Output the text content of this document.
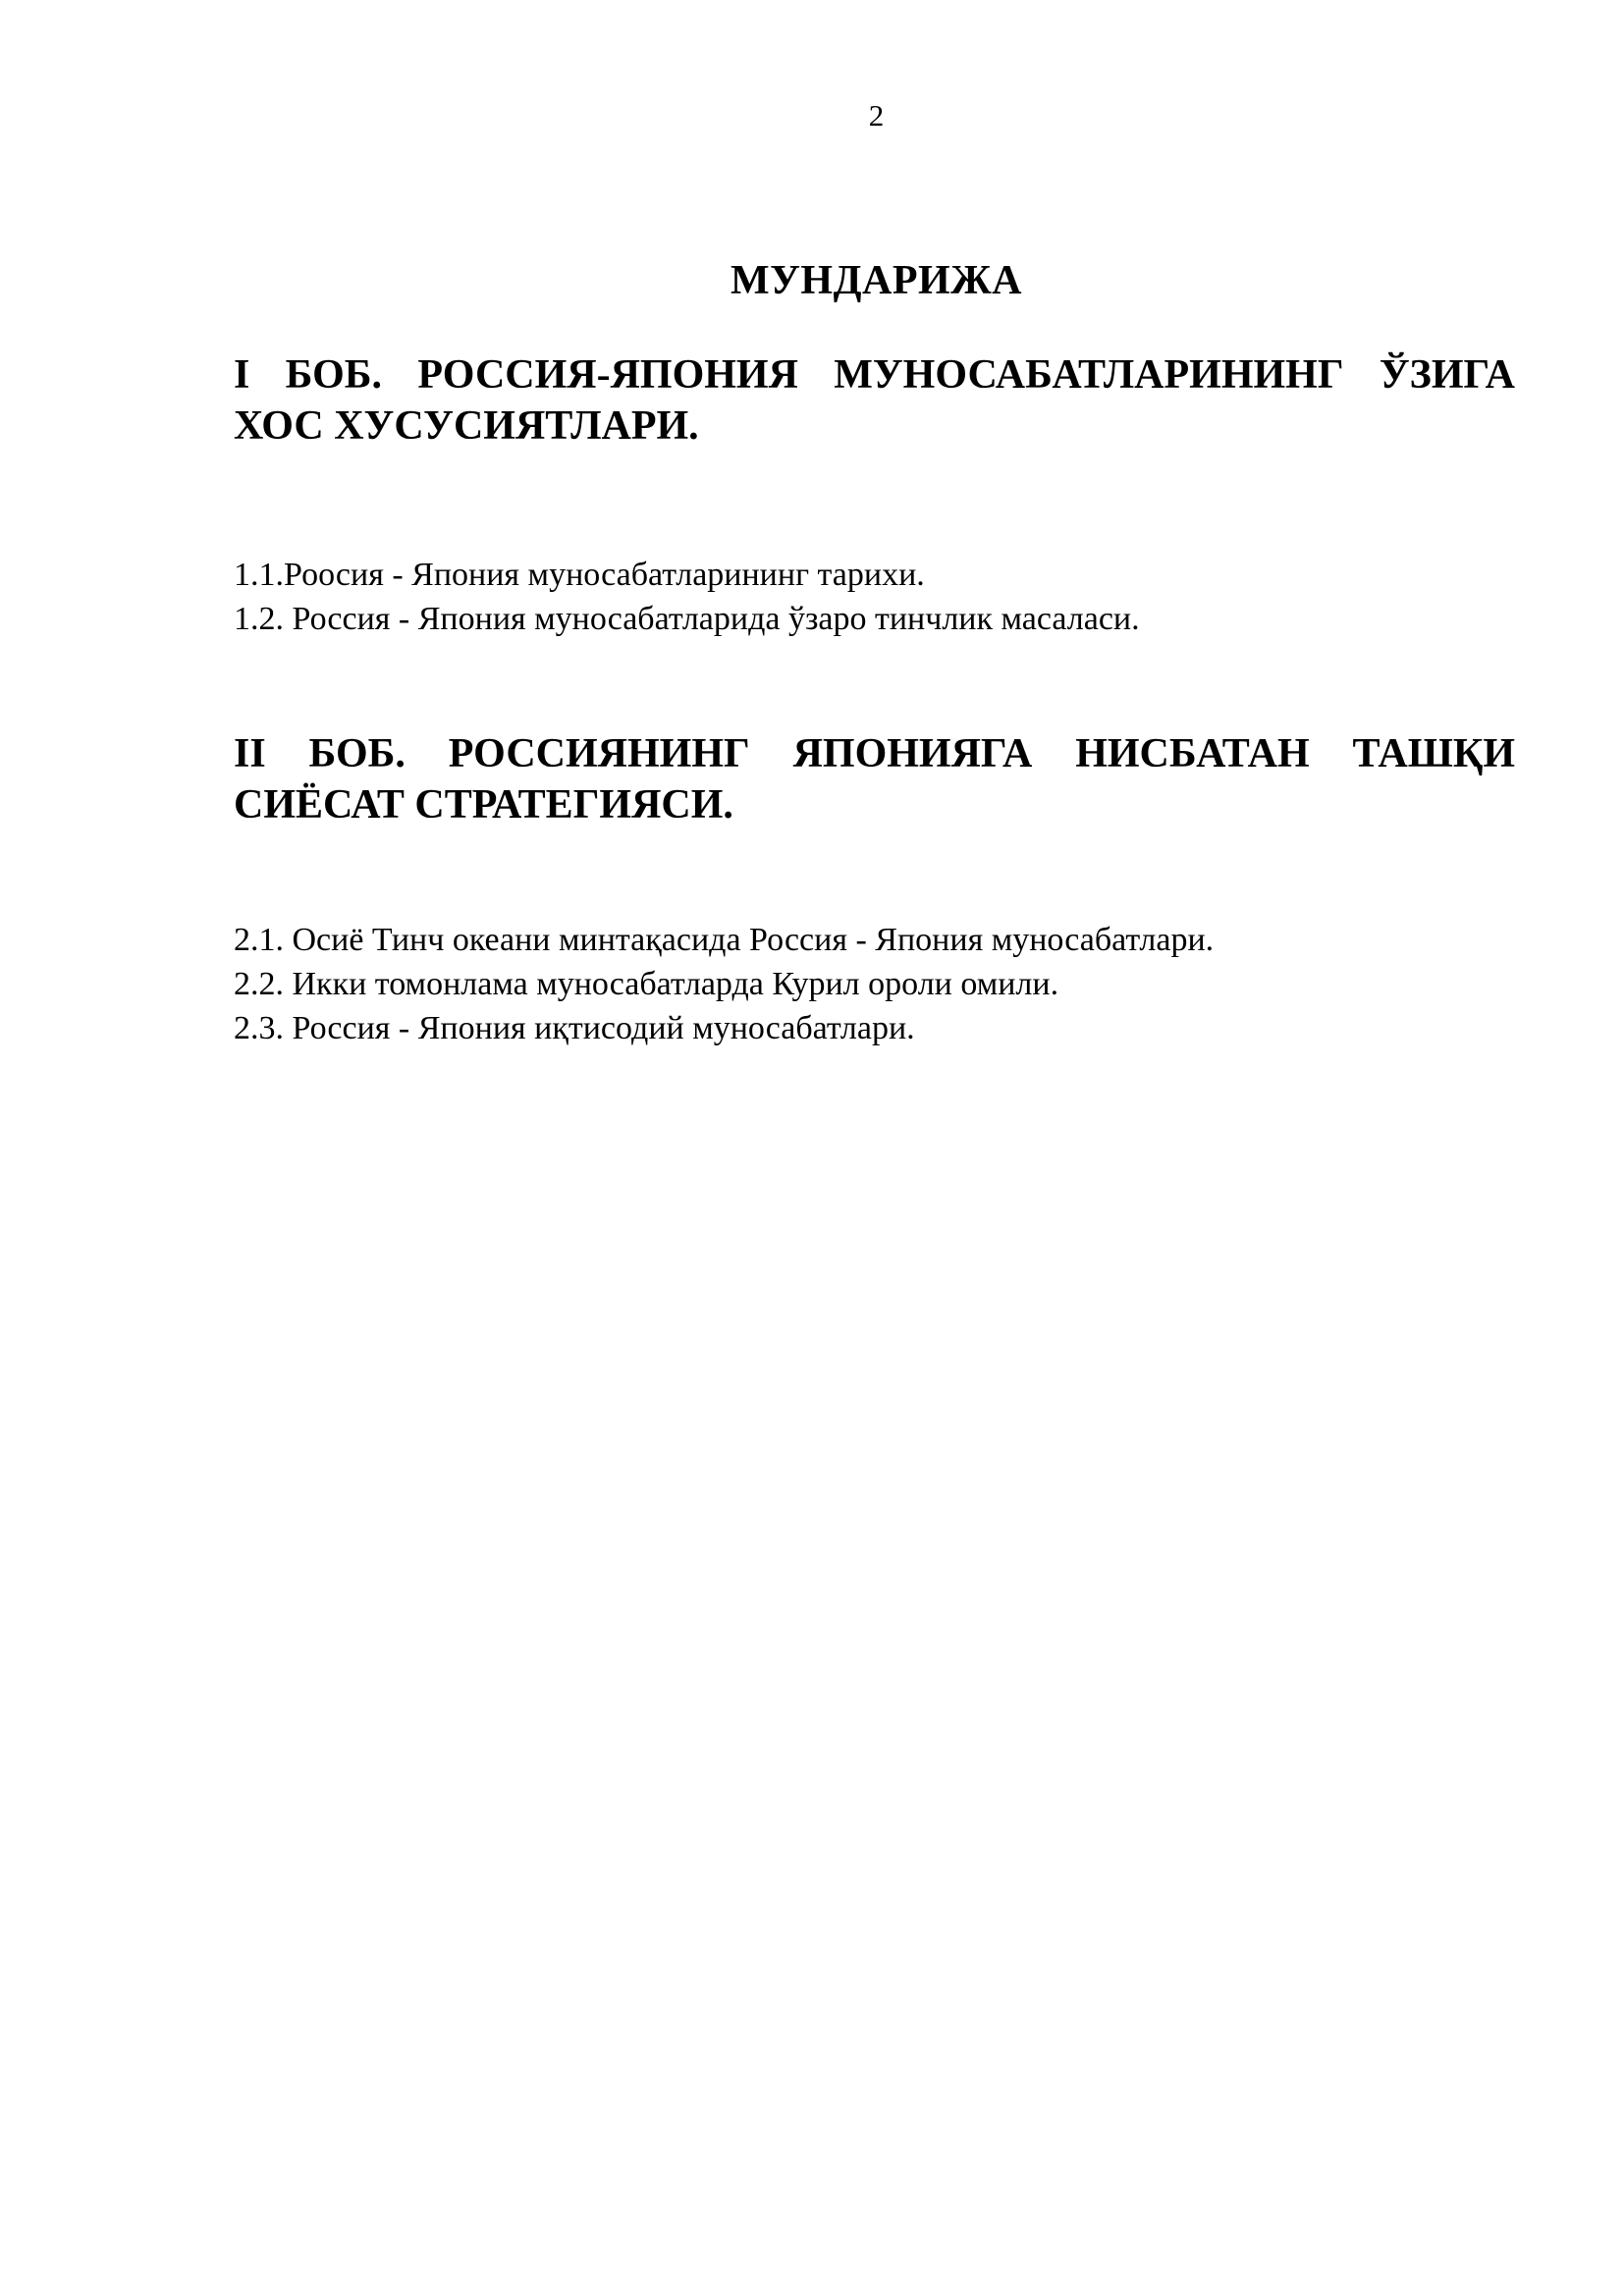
2
МУНДАРИЖА
I БОБ. РОССИЯ-ЯПОНИЯ МУНОСАБАТЛАРИНИНГ ЎЗИГА
ХОС ХУСУСИЯТЛАРИ.
1.1.Роосия - Япония муносабатларининг тарихи.
1.2. Россия - Япония муносабатларида ўзаро тинчлик масаласи.
II БОБ. РОССИЯНИНГ ЯПОНИЯГА НИСБАТАН ТАШҚИ
СИЁСАТ СТРАТЕГИЯСИ.
2.1. Осиё Тинч океани минтақасида Россия - Япония муносабатлари.
2.2. Икки томонлама муносабатларда Курил ороли омили.
2.3. Россия - Япония иқтисодий муносабатлари.
